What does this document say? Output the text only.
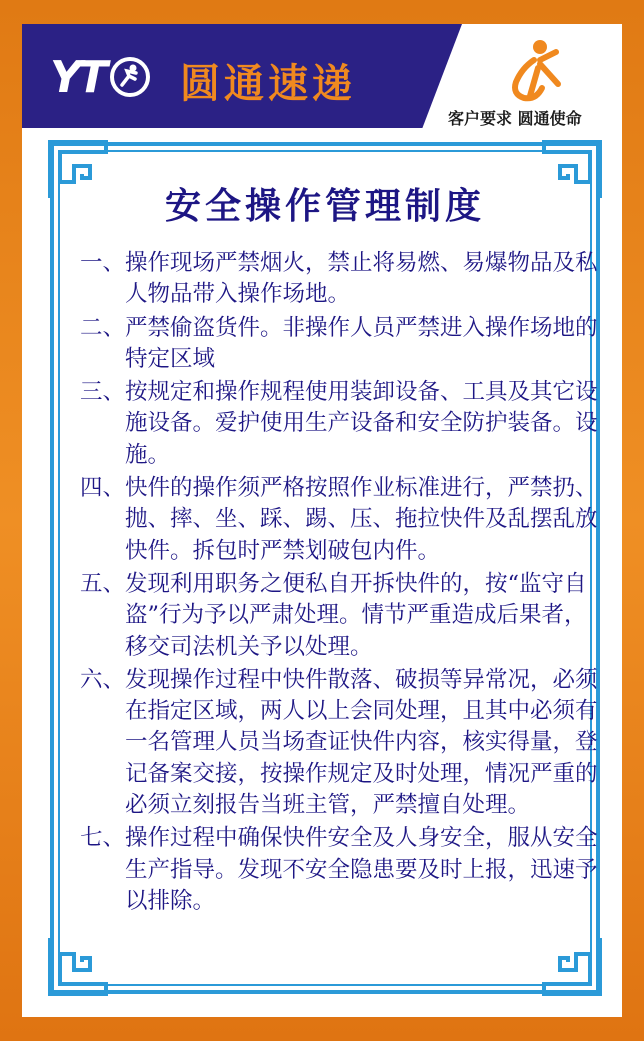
YT 圆通速递
客户要求 圆通使命
安全操作管理制度
一、 操作现场严禁烟火，禁止将易燃、易爆物品及私人物品带入操作场地。
二、 严禁偷盗货件。非操作人员严禁进入操作场地的特定区域
三、 按规定和操作规程使用装卸设备、工具及其它设施设备。爱护使用生产设备和安全防护装备。设施。
四、 快件的操作须严格按照作业标准进行，严禁扔、抛、摔、坐、踩、踢、压、拖拉快件及乱摆乱放快件。拆包时严禁划破包内件。
五、 发现利用职务之便私自开拆快件的，按“监守自盗”行为予以严肃处理。情节严重造成后果者，移交司法机关予以处理。
六、 发现操作过程中快件散落、破损等异常况，必须在指定区域，两人以上会同处理，且其中必须有一名管理人员当场查证快件内容，核实得量，登记备案交接，按操作规定及时处理，情况严重的必须立刻报告当班主管，严禁擅自处理。
七、 操作过程中确保快件安全及人身安全，服从安全生产指导。发现不安全隐患要及时上报，迅速予以排除。
